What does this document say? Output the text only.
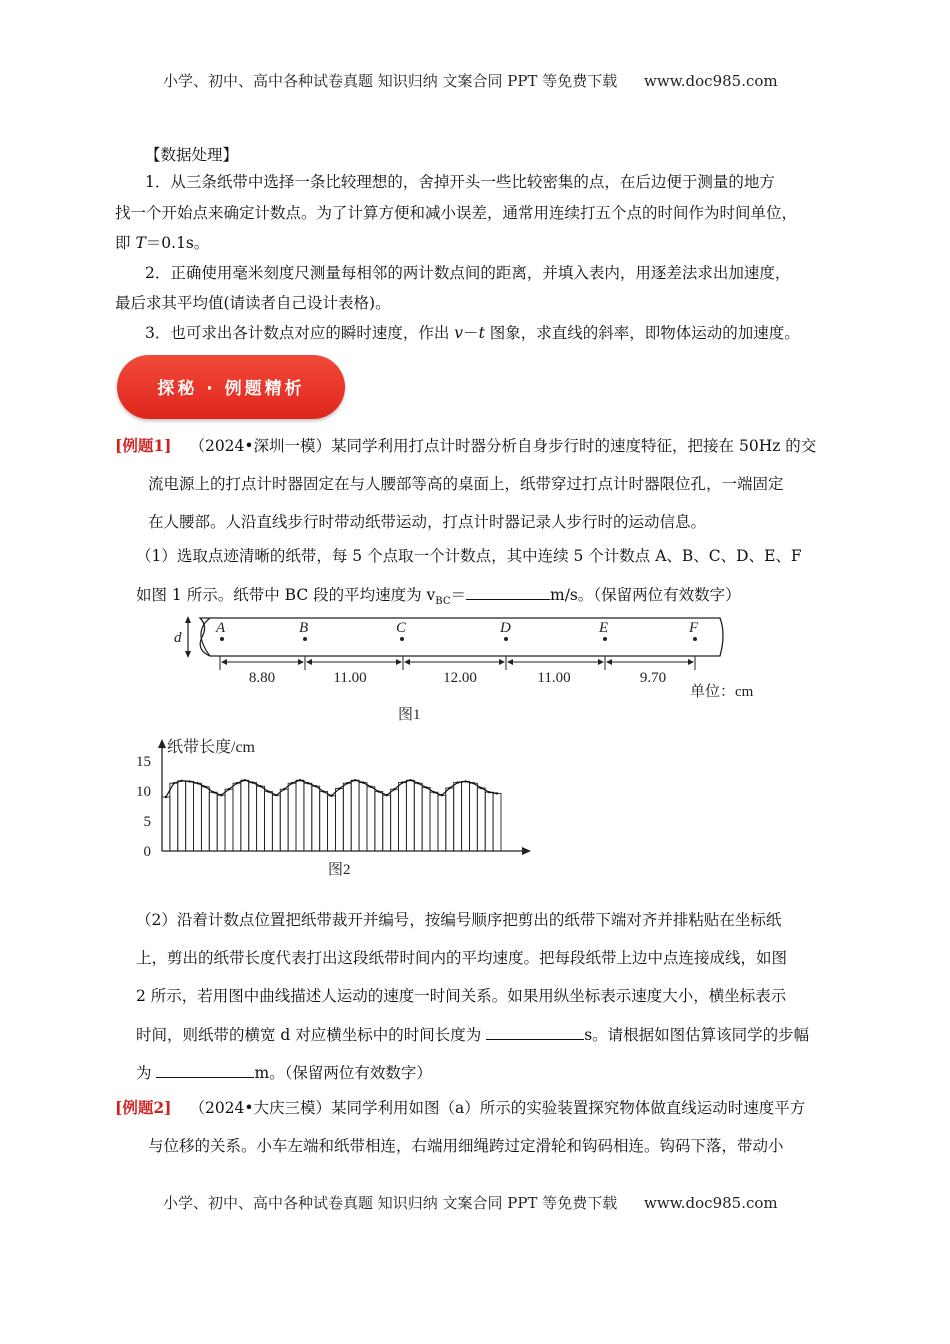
小学、初中、高中各种试卷真题 知识归纳 文案合同 PPT 等免费下载 www.doc985.com
【数据处理】
1．从三条纸带中选择一条比较理想的，舍掉开头一些比较密集的点，在后边便于测量的地方
找一个开始点来确定计数点。为了计算方便和减小误差，通常用连续打五个点的时间作为时间单位，
即 T＝0.1s。
2．正确使用毫米刻度尺测量每相邻的两计数点间的距离，并填入表内，用逐差法求出加速度，
最后求其平均值(请读者自己设计表格)。
3．也可求出各计数点对应的瞬时速度，作出 v－t 图象，求直线的斜率，即物体运动的加速度。
探秘 · 例题精析
[例题1] （2024•深圳一模）某同学利用打点计时器分析自身步行时的速度特征，把接在 50Hz 的交
流电源上的打点计时器固定在与人腰部等高的桌面上，纸带穿过打点计时器限位孔，一端固定
在人腰部。人沿直线步行时带动纸带运动，打点计时器记录人步行时的运动信息。
（1）选取点迹清晰的纸带，每 5 个点取一个计数点，其中连续 5 个计数点 A、B、C、D、E、F
如图 1 所示。纸带中 BC 段的平均速度为 $v_{BC}=$	m/s。（保留两位有效数字）
d
A	B	C	D	E	F
8.80	11.00	12.00	11.00	9.70
单位：cm
图1
纸带长度/cm
15
10
5
0
图2
（2）沿着计数点位置把纸带裁开并编号，按编号顺序把剪出的纸带下端对齐并排粘贴在坐标纸
上，剪出的纸带长度代表打出这段纸带时间内的平均速度。把每段纸带上边中点连接成线，如图
2 所示，若用图中曲线描述人运动的速度一时间关系。如果用纵坐标表示速度大小，横坐标表示
时间，则纸带的横宽 d 对应横坐标中的时间长度为	s。请根据如图估算该同学的步幅
为	m。（保留两位有效数字）
[例题2] （2024•大庆三模）某同学利用如图（a）所示的实验装置探究物体做直线运动时速度平方
与位移的关系。小车左端和纸带相连，右端用细绳跨过定滑轮和钩码相连。钩码下落，带动小
小学、初中、高中各种试卷真题 知识归纳 文案合同 PPT 等免费下载 www.doc985.com
